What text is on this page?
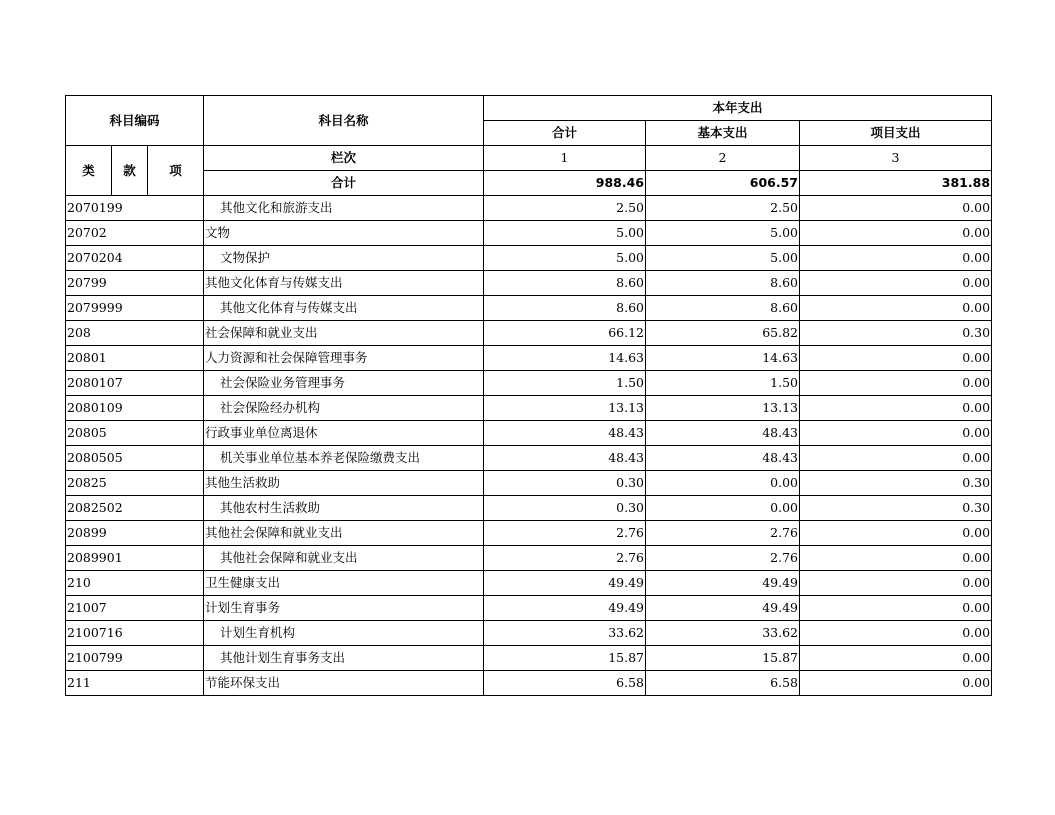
科目编码			科目名称	本年支出		
				合计	基本支出	项目支出
类	款	项	栏次	1	2	3
			合计	988.46	606.57	381.88
2070199			其他文化和旅游支出	2.50	2.50	0.00
20702			文物	5.00	5.00	0.00
2070204			文物保护	5.00	5.00	0.00
20799			其他文化体育与传媒支出	8.60	8.60	0.00
2079999			其他文化体育与传媒支出	8.60	8.60	0.00
208			社会保障和就业支出	66.12	65.82	0.30
20801			人力资源和社会保障管理事务	14.63	14.63	0.00
2080107			社会保险业务管理事务	1.50	1.50	0.00
2080109			社会保险经办机构	13.13	13.13	0.00
20805			行政事业单位离退休	48.43	48.43	0.00
2080505			机关事业单位基本养老保险缴费支出	48.43	48.43	0.00
20825			其他生活救助	0.30	0.00	0.30
2082502			其他农村生活救助	0.30	0.00	0.30
20899			其他社会保障和就业支出	2.76	2.76	0.00
2089901			其他社会保障和就业支出	2.76	2.76	0.00
210			卫生健康支出	49.49	49.49	0.00
21007			计划生育事务	49.49	49.49	0.00
2100716			计划生育机构	33.62	33.62	0.00
2100799			其他计划生育事务支出	15.87	15.87	0.00
211			节能环保支出	6.58	6.58	0.00
